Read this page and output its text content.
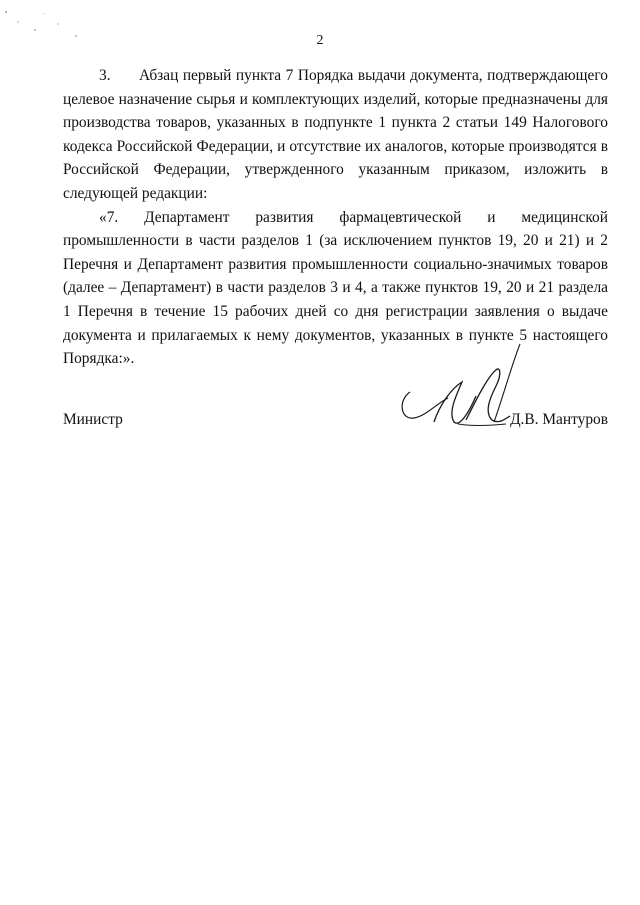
2

3. Абзац первый пункта 7 Порядка выдачи документа, подтверждающего целевое назначение сырья и комплектующих изделий, которые предназначены для производства товаров, указанных в подпункте 1 пункта 2 статьи 149 Налогового кодекса Российской Федерации, и отсутствие их аналогов, которые производятся в Российской Федерации, утвержденного указанным приказом, изложить в следующей редакции:

«7. Департамент развития фармацевтической и медицинской промышленности в части разделов 1 (за исключением пунктов 19, 20 и 21) и 2 Перечня и Департамент развития промышленности социально-значимых товаров (далее – Департамент) в части разделов 3 и 4, а также пунктов 19, 20 и 21 раздела 1 Перечня в течение 15 рабочих дней со дня регистрации заявления о выдаче документа и прилагаемых к нему документов, указанных в пункте 5 настоящего Порядка:».

Министр	Д.В. Мантуров
